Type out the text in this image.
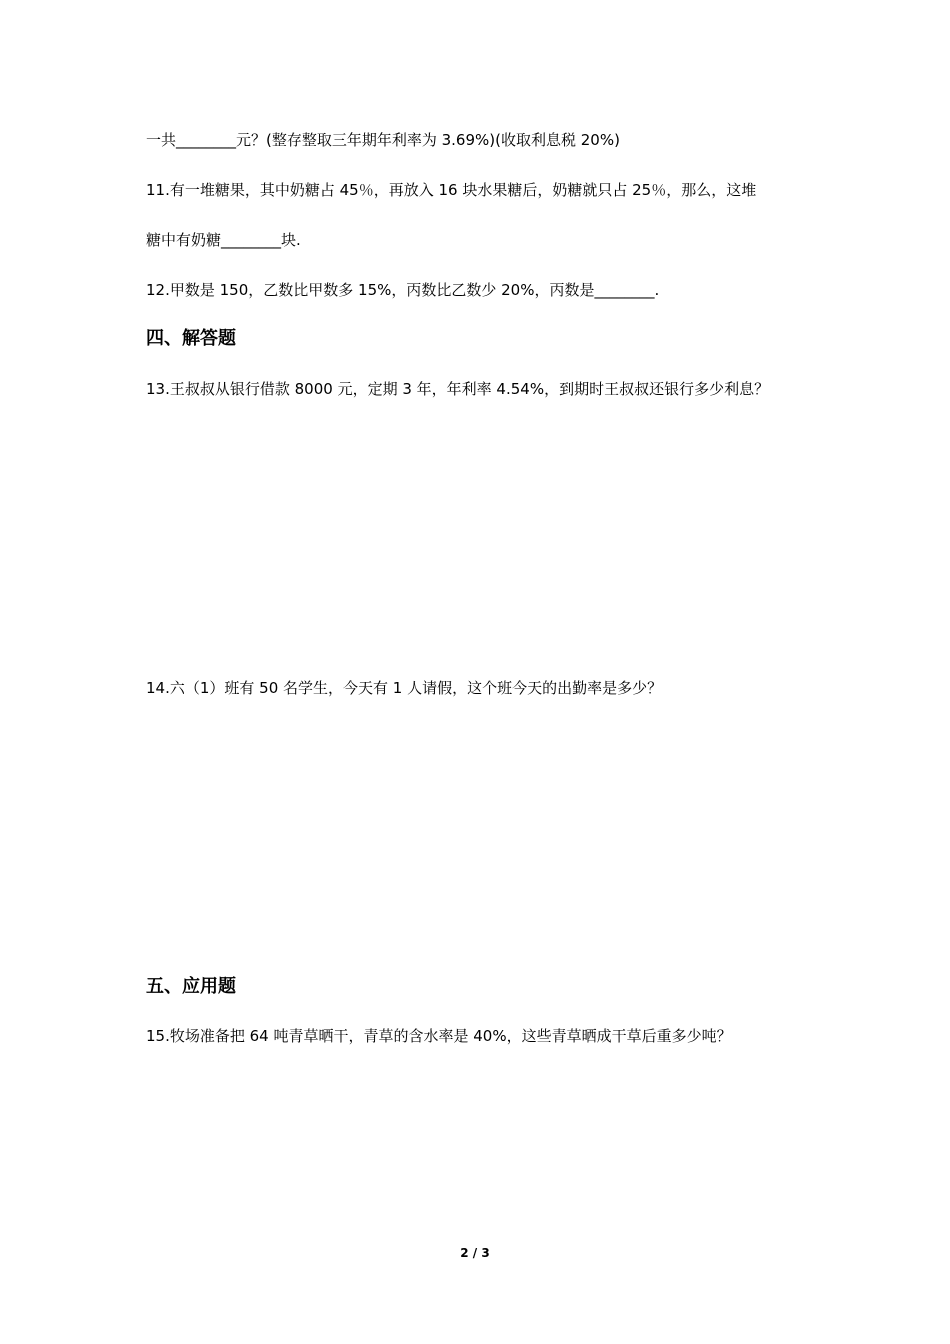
一共________元？(整存整取三年期年利率为 3.69%)(收取利息税 20%)

11.有一堆糖果，其中奶糖占 45％，再放入 16 块水果糖后，奶糖就只占 25％，那么，这堆

糖中有奶糖________块.

12.甲数是 150，乙数比甲数多 15%，丙数比乙数少 20%，丙数是________.

四、解答题

13.王叔叔从银行借款 8000 元，定期 3 年，年利率 4.54%，到期时王叔叔还银行多少利息？

14.六（1）班有 50 名学生，今天有 1 人请假，这个班今天的出勤率是多少？

五、应用题

15.牧场准备把 64 吨青草晒干，青草的含水率是 40%，这些青草晒成干草后重多少吨？

2 / 3
